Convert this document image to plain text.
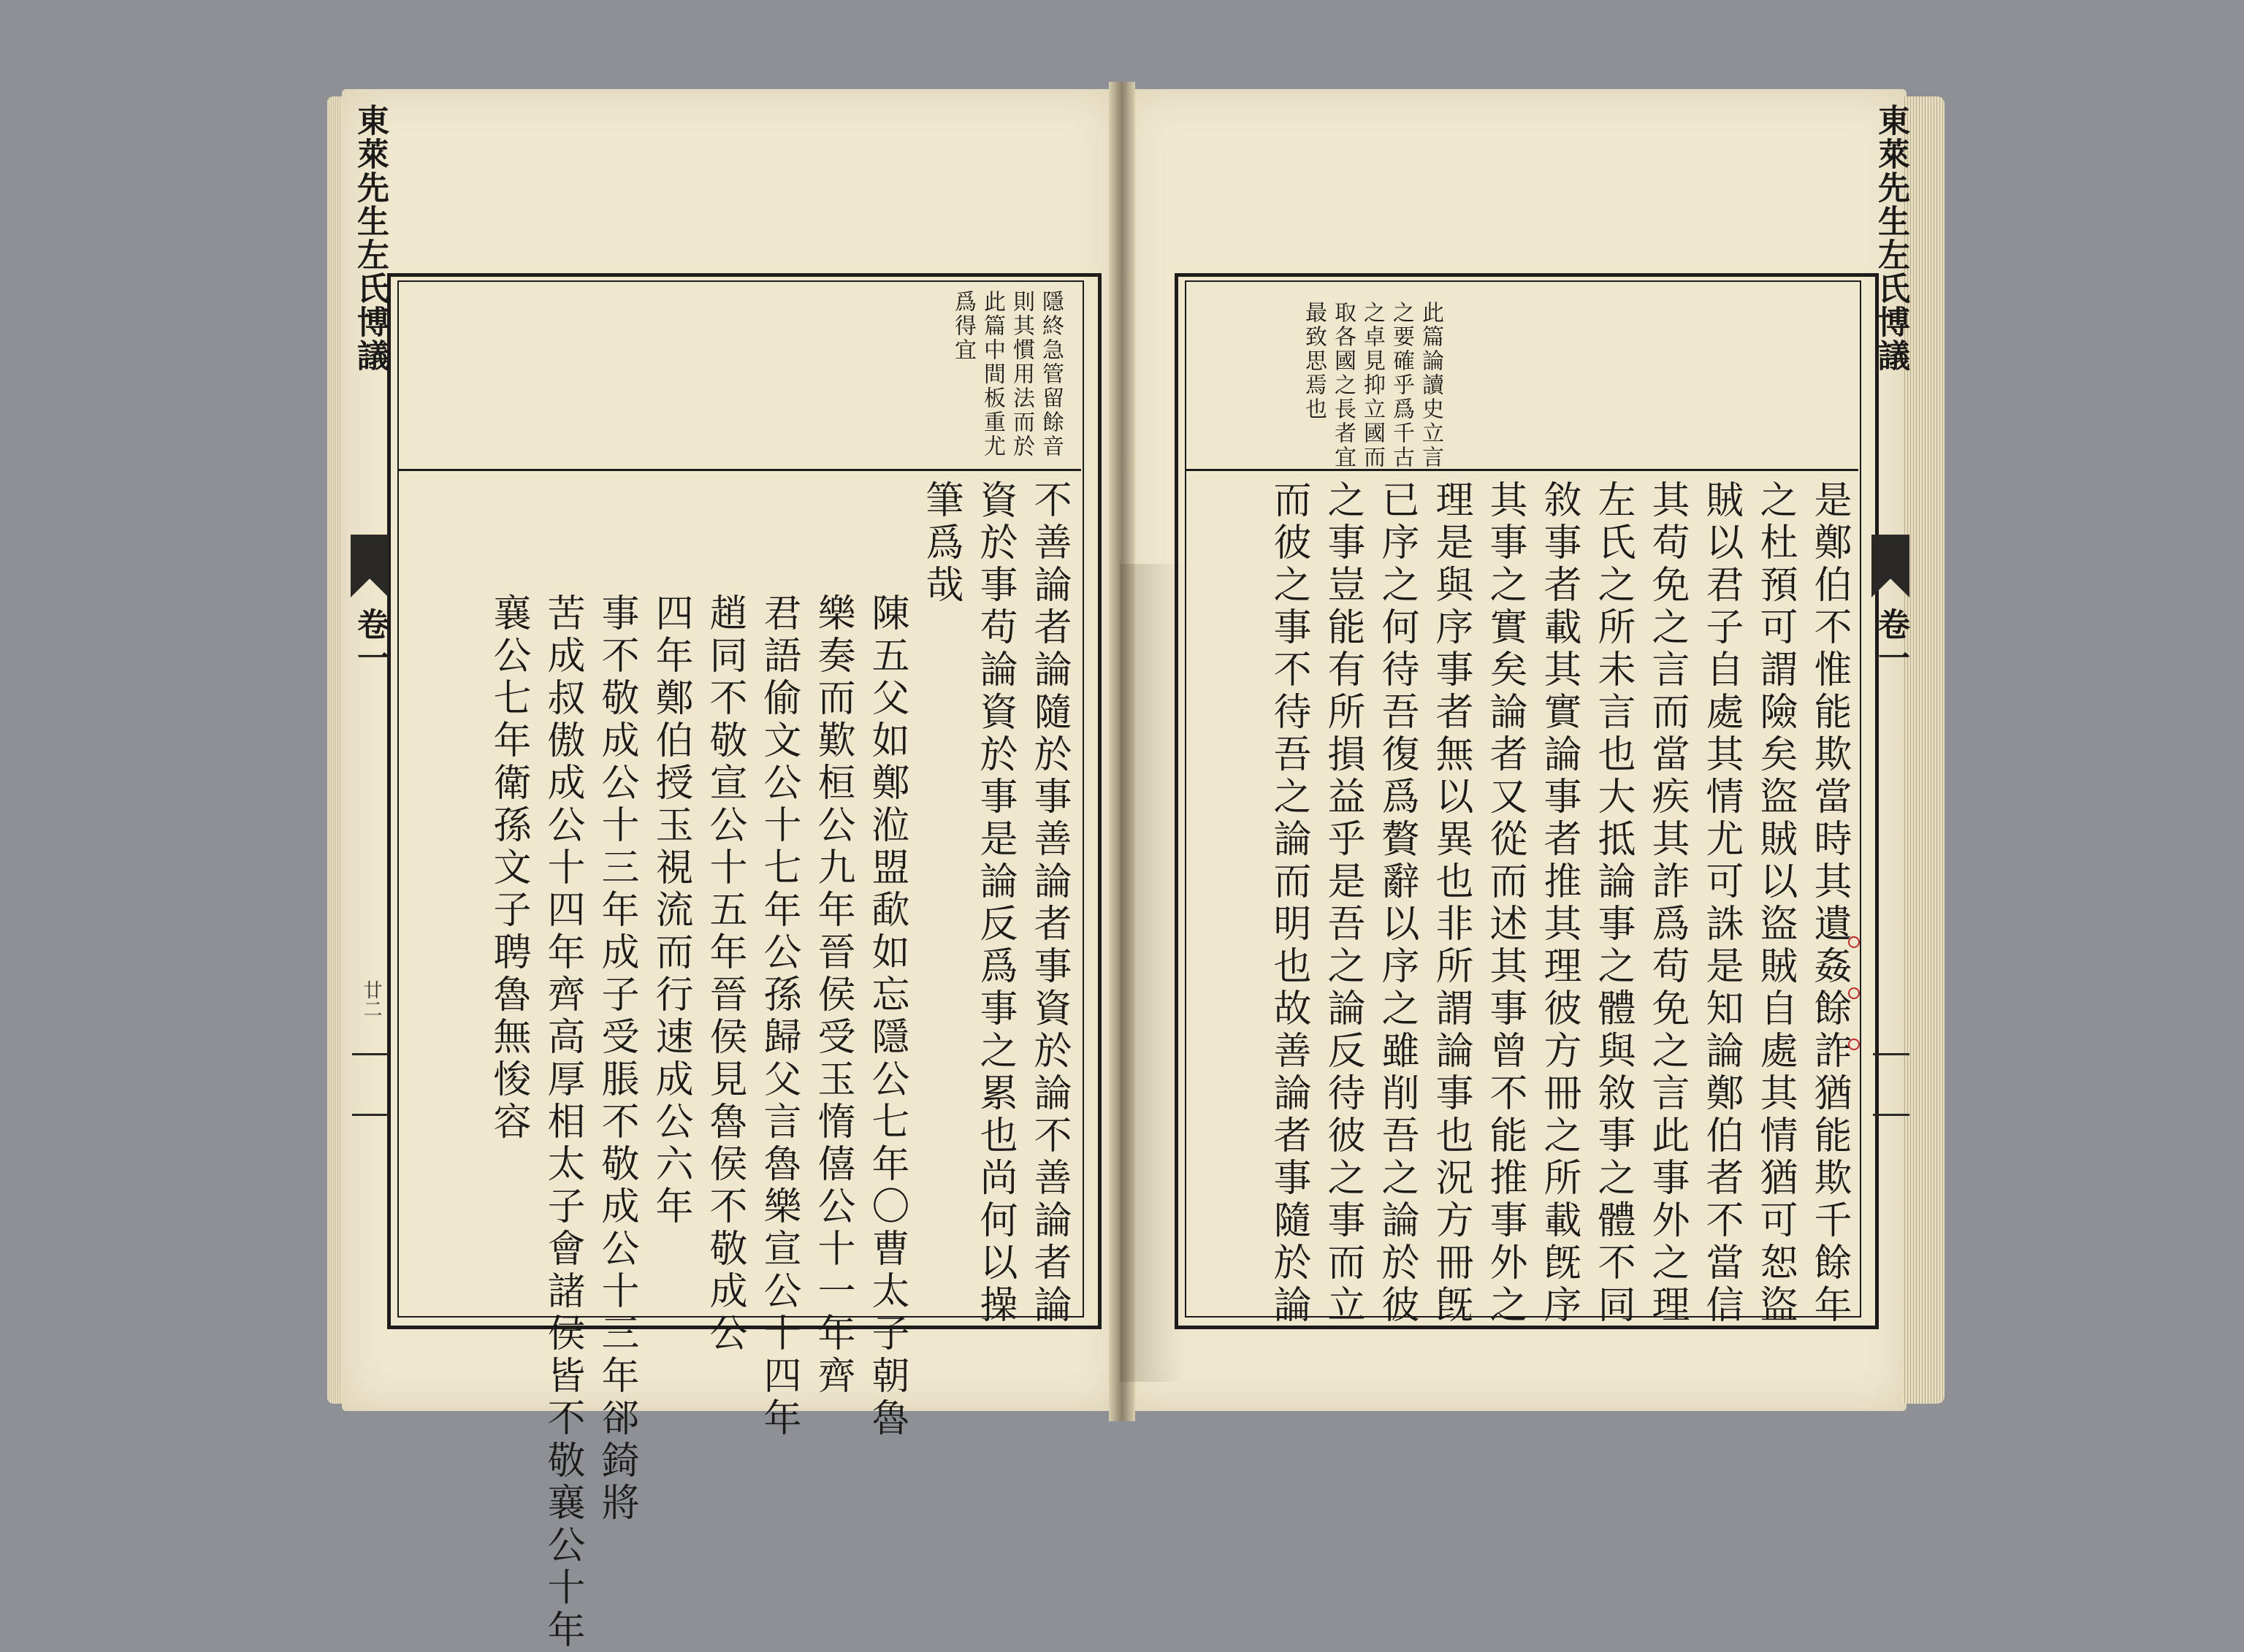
東萊先生左氏博議
卷一
廿二
隱終急管留餘音
則其慣用法而於
此篇中間板重尤
爲得宜
不善論者論隨於事善論者事資於論不善論者論
資於事苟論資於事是論反爲事之累也尚何以操
筆爲哉
陳五父如鄭涖盟歃如忘隱公七年〇曹太子朝魯
樂奏而歎桓公九年晉侯受玉惰僖公十一年齊
君語偷文公十七年公孫歸父言魯樂宣公十四年
趙同不敬宣公十五年晉侯見魯侯不敬成公
四年鄭伯授玉視流而行速成公六年
事不敬成公十三年成子受脹不敬成公十三年郤錡將
苦成叔傲成公十四年齊高厚相太子會諸侯皆不敬襄公十年
襄公七年衛孫文子聘魯無悛容
東萊先生左氏博議
卷一
此篇論讀史立言
之要確乎爲千古
之卓見抑立國而
取各國之長者宜
最致思焉也
是鄭伯不惟能欺當時其遺姦餘詐猶能欺千餘年
之杜預可謂險矣盜賊以盜賊自處其情猶可恕盜
賊以君子自處其情尤可誅是知論鄭伯者不當信
其苟免之言而當疾其詐爲苟免之言此事外之理
左氏之所未言也大抵論事之體與敘事之體不同
敘事者載其實論事者推其理彼方冊之所載旣序
其事之實矣論者又從而述其事曾不能推事外之
理是與序事者無以異也非所謂論事也況方冊旣
已序之何待吾復爲贅辭以序之雖削吾之論於彼
之事豈能有所損益乎是吾之論反待彼之事而立
而彼之事不待吾之論而明也故善論者事隨於論
